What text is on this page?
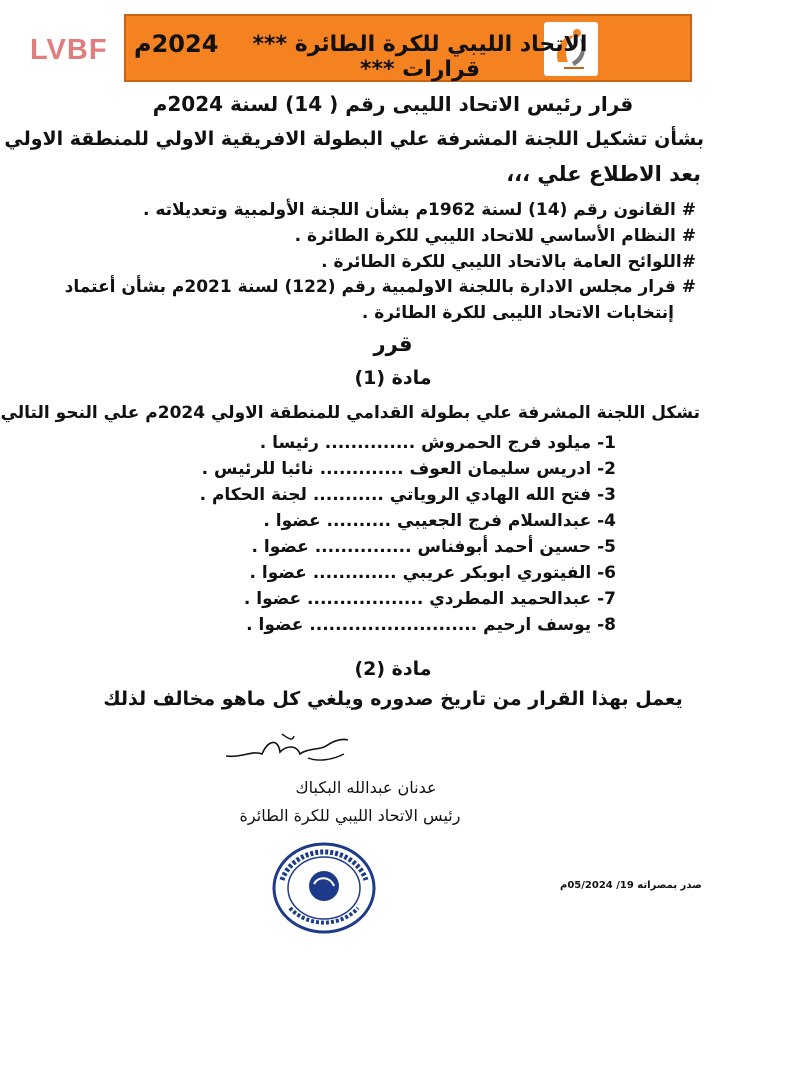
LVBF 2024م	الاتحاد الليبي للكرة الطائرة *** قرارات ***
قرار رئيس الاتحاد الليبى رقم ( 14) لسنة 2024م
بشأن تشكيل اللجنة المشرفة علي البطولة الافريقية الاولي للمنطقة الاولي
بعد الاطلاع علي ،،،
# القانون رقم (14) لسنة 1962م بشأن اللجنة الأولمبية وتعديلاته .
# النظام الأساسي للاتحاد الليبي للكرة الطائرة .
#اللوائح العامة بالاتحاد الليبي للكرة الطائرة .
# قرار مجلس الادارة باللجنة الاولمبية رقم (122) لسنة 2021م بشأن أعتماد
إنتخابات الاتحاد الليبى للكرة الطائرة .
قرر
مادة (1)
تشكل اللجنة المشرفة علي بطولة القدامي للمنطقة الاولي 2024م علي النحو التالي
1- ميلود فرج الحمروش .............. رئيسا .
2- ادريس سليمان العوف ............. نائبا للرئيس .
3- فتح الله الهادي الروياتي ........... لجنة الحكام .
4- عبدالسلام فرج الجعيبي .......... عضوا .
5- حسين أحمد أبوفناس ............... عضوا .
6- الفيتوري ابوبكر عريبي ............. عضوا .
7- عبدالحميد المطردي .................. عضوا .
8- يوسف ارحيم .......................... عضوا .
مادة (2)
يعمل بهذا القرار من تاريخ صدوره ويلغي كل ماهو مخالف لذلك
عدنان عبدالله البكباك
رئيس الاتحاد الليبي للكرة الطائرة
صدر بمصراته 19/ 05/2024م
